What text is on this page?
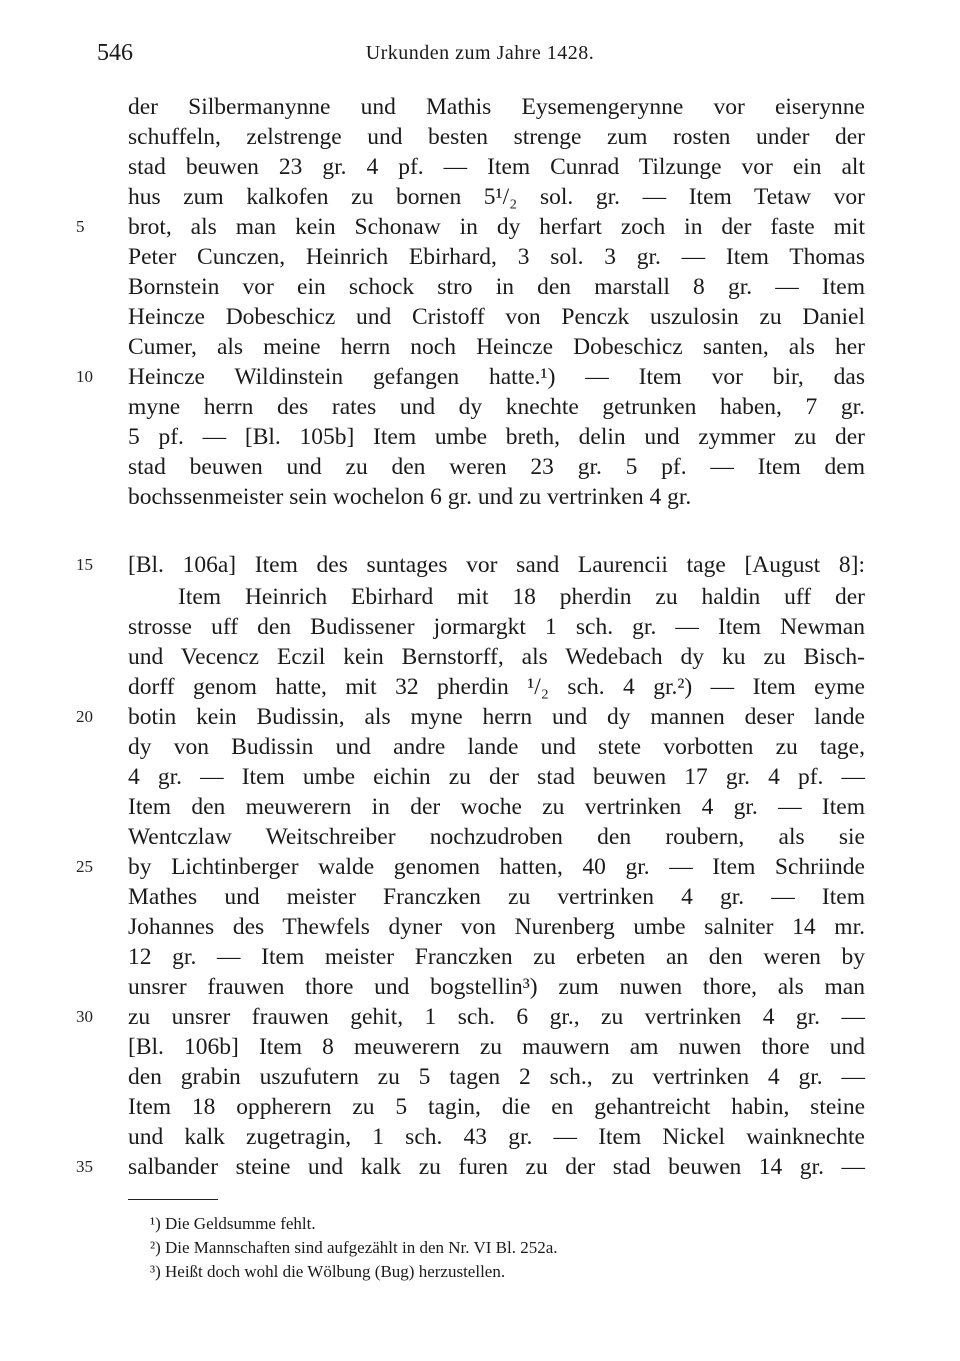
546	Urkunden zum Jahre 1428.
der Silbermanynne und Mathis Eysemengerynne vor eiserynne
schuffeln, zelstrenge und besten strenge zum rosten under der
stad beuwen 23 gr. 4 pf. — Item Cunrad Tilzunge vor ein alt
hus zum kalkofen zu bornen 5¹/₂ sol. gr. — Item Tetaw vor
5	brot, als man kein Schonaw in dy herfart zoch in der faste mit
Peter Cunczen, Heinrich Ebirhard, 3 sol. 3 gr. — Item Thomas
Bornstein vor ein schock stro in den marstall 8 gr. — Item
Heincze Dobeschicz und Cristoff von Penczk uszulosin zu Daniel
Cumer, als meine herrn noch Heincze Dobeschicz santen, als her
10	Heincze Wildinstein gefangen hatte.¹) — Item vor bir, das
myne herrn des rates und dy knechte getrunken haben, 7 gr.
5 pf. — [Bl. 105b] Item umbe breth, delin und zymmer zu der
stad beuwen und zu den weren 23 gr. 5 pf. — Item dem
bochssenmeister sein wochelon 6 gr. und zu vertrinken 4 gr.
15	[Bl. 106a] Item des suntages vor sand Laurencii tage [August 8]:
Item Heinrich Ebirhard mit 18 pherdin zu haldin uff der
strosse uff den Budissener jormargkt 1 sch. gr. — Item Newman
und Vecencz Eczil kein Bernstorff, als Wedebach dy ku zu Bisch-
dorff genom hatte, mit 32 pherdin ¹/₂ sch. 4 gr.²) — Item eyme
20	botin kein Budissin, als myne herrn und dy mannen deser lande
dy von Budissin und andre lande und stete vorbotten zu tage,
4 gr. — Item umbe eichin zu der stad beuwen 17 gr. 4 pf. —
Item den meuwerern in der woche zu vertrinken 4 gr. — Item
Wentczlaw Weitschreiber nochzudroben den roubern, als sie
25	by Lichtinberger walde genomen hatten, 40 gr. — Item Schriinde
Mathes und meister Franczken zu vertrinken 4 gr. — Item
Johannes des Thewfels dyner von Nurenberg umbe salniter 14 mr.
12 gr. — Item meister Franczken zu erbeten an den weren by
unsrer frauwen thore und bogstellin³) zum nuwen thore, als man
30	zu unsrer frauwen gehit, 1 sch. 6 gr., zu vertrinken 4 gr. —
[Bl. 106b] Item 8 meuwerern zu mauwern am nuwen thore und
den grabin uszufutern zu 5 tagen 2 sch., zu vertrinken 4 gr. —
Item 18 oppherern zu 5 tagin, die en gehantreicht habin, steine
und kalk zugetragin, 1 sch. 43 gr. — Item Nickel wainknechte
35	salbander steine und kalk zu furen zu der stad beuwen 14 gr. —
¹) Die Geldsumme fehlt.
²) Die Mannschaften sind aufgezählt in den Nr. VI Bl. 252a.
³) Heißt doch wohl die Wölbung (Bug) herzustellen.
